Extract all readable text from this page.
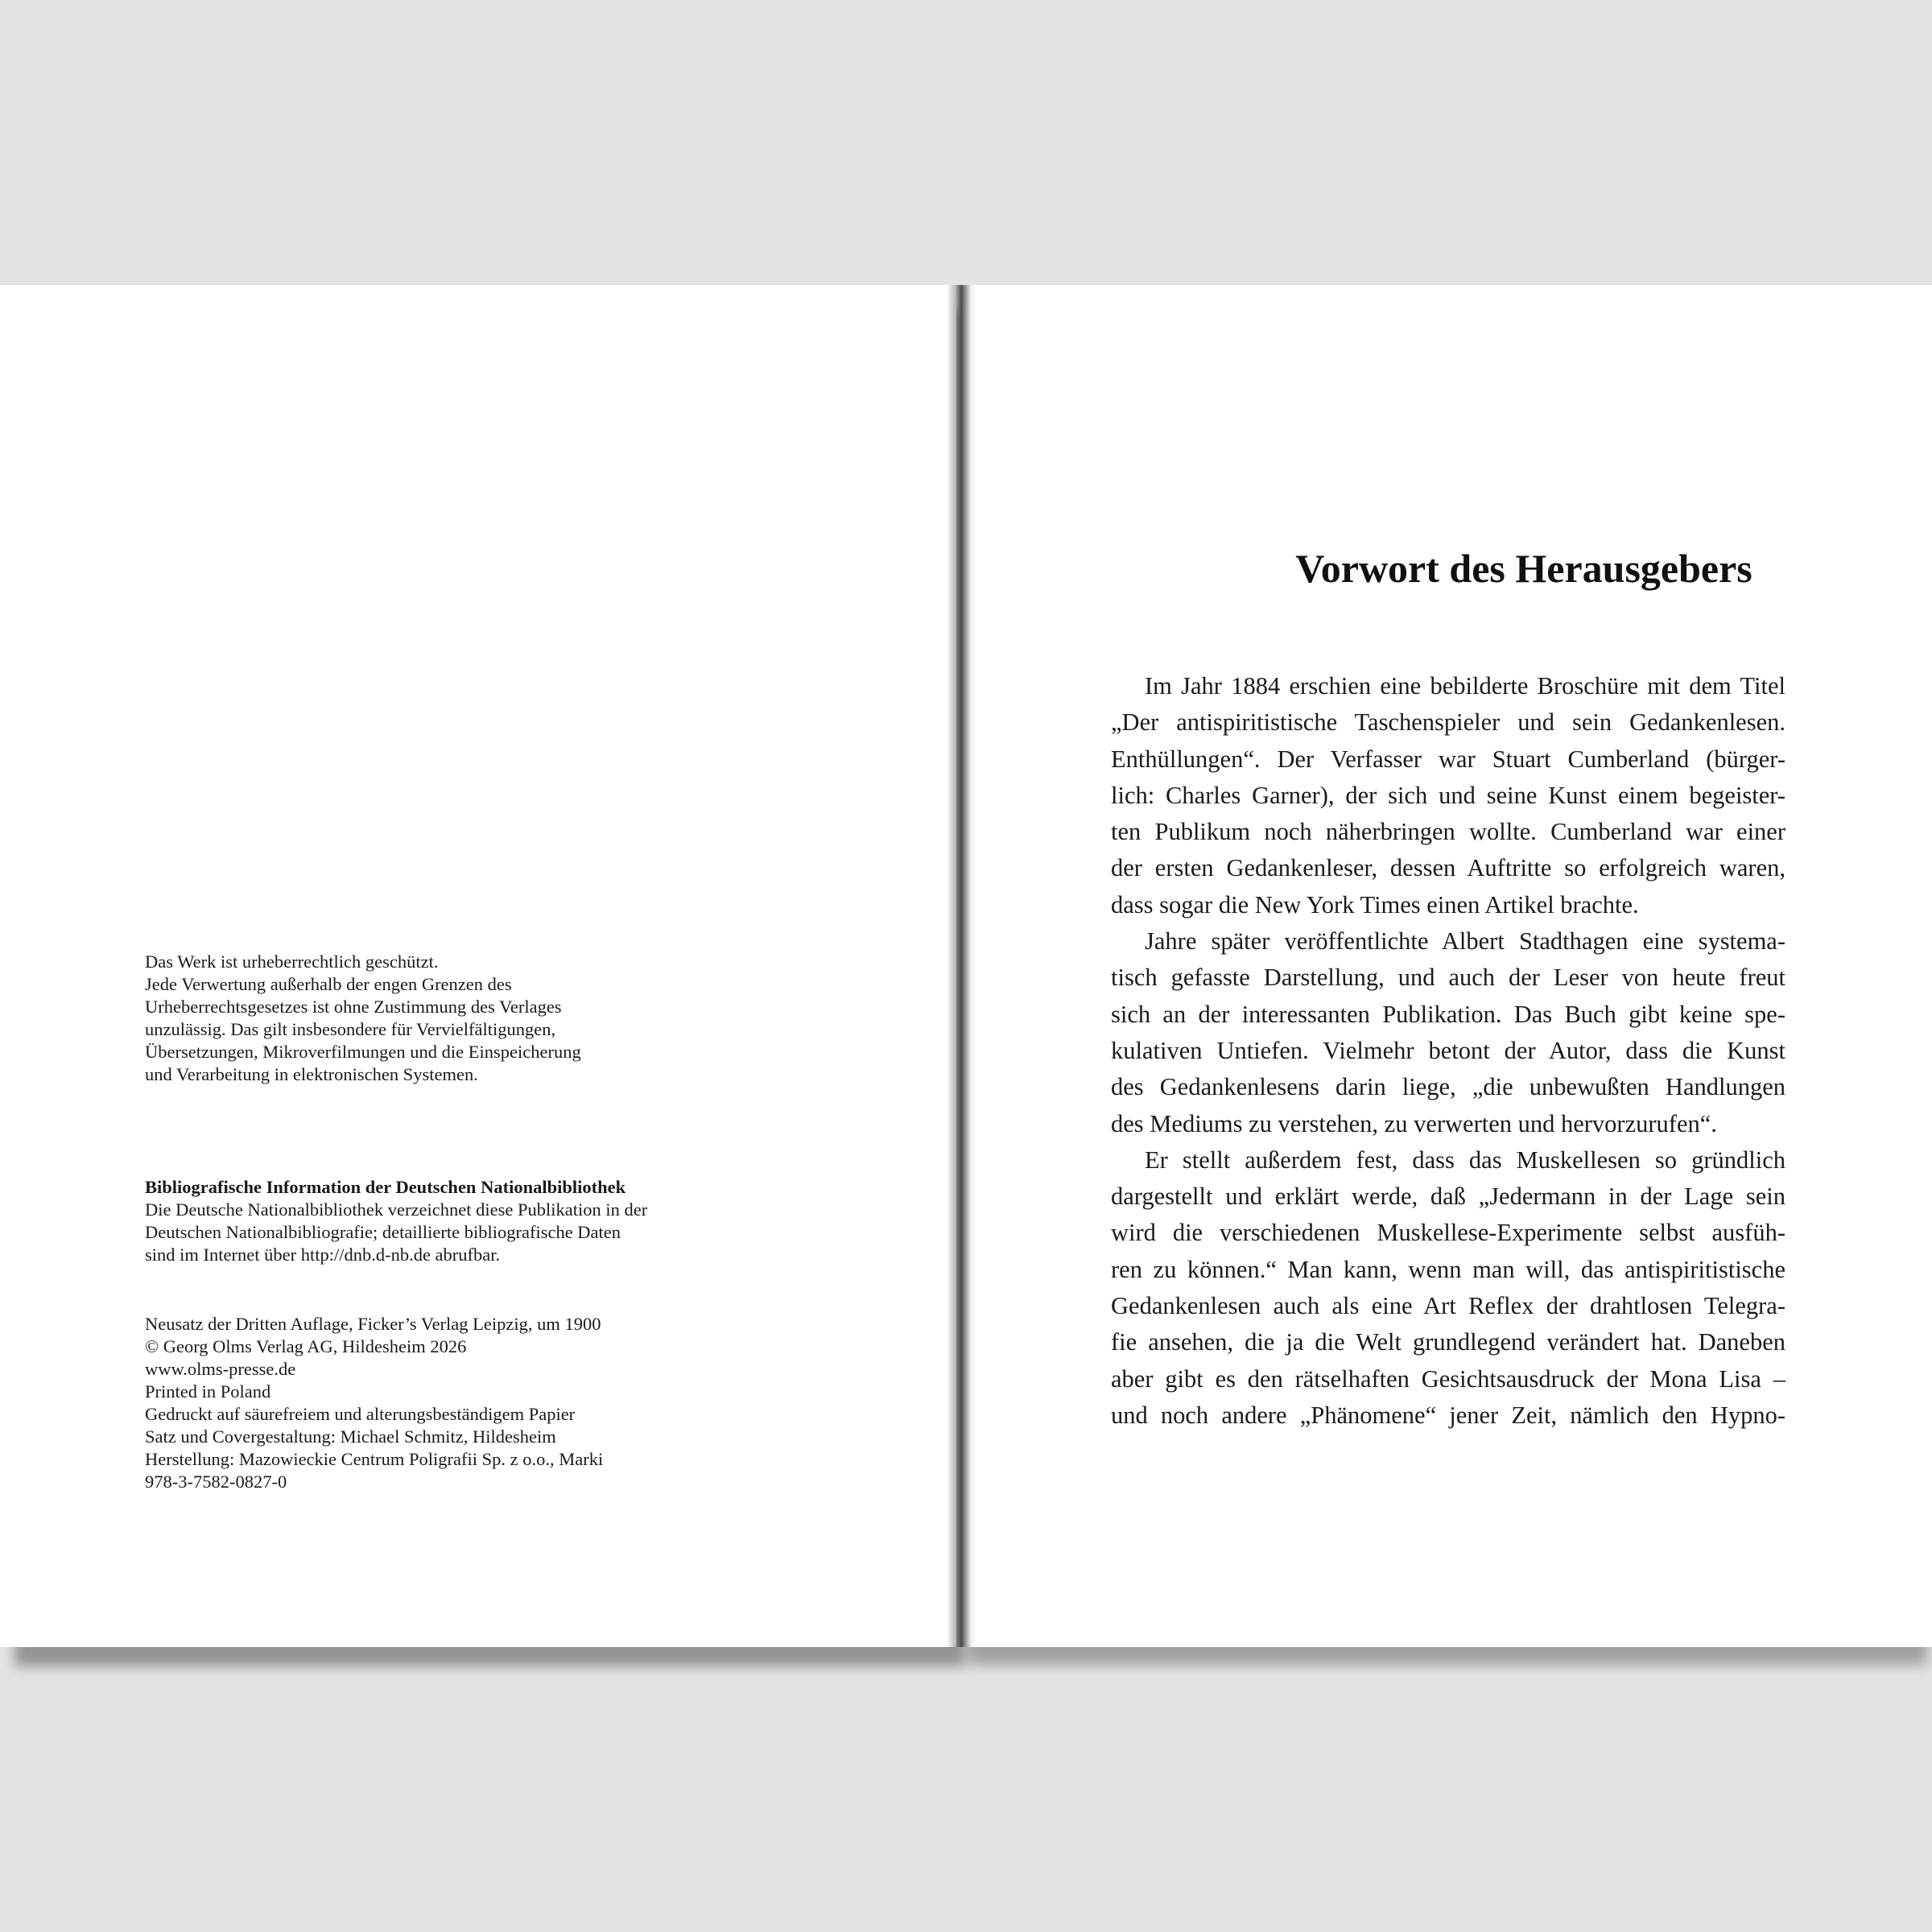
Das Werk ist urheberrechtlich geschützt.
Jede Verwertung außerhalb der engen Grenzen des
Urheberrechtsgesetzes ist ohne Zustimmung des Verlages
unzulässig. Das gilt insbesondere für Vervielfältigungen,
Übersetzungen, Mikroverfilmungen und die Einspeicherung
und Verarbeitung in elektronischen Systemen.
Bibliografische Information der Deutschen Nationalbibliothek
Die Deutsche Nationalbibliothek verzeichnet diese Publikation in der
Deutschen Nationalbibliografie; detaillierte bibliografische Daten
sind im Internet über http://dnb.d-nb.de abrufbar.
Neusatz der Dritten Auflage, Ficker’s Verlag Leipzig, um 1900
© Georg Olms Verlag AG, Hildesheim 2026
www.olms-presse.de
Printed in Poland
Gedruckt auf säurefreiem und alterungsbeständigem Papier
Satz und Covergestaltung: Michael Schmitz, Hildesheim
Herstellung: Mazowieckie Centrum Poligrafii Sp. z o.o., Marki
978-3-7582-0827-0
Vorwort des Herausgebers
Im Jahr 1884 erschien eine bebilderte Broschüre mit dem Titel
„Der antispiritistische Taschenspieler und sein Gedankenlesen.
Enthüllungen“. Der Verfasser war Stuart Cumberland (bürger-
lich: Charles Garner), der sich und seine Kunst einem begeister-
ten Publikum noch näherbringen wollte. Cumberland war einer
der ersten Gedankenleser, dessen Auftritte so erfolgreich waren,
dass sogar die New York Times einen Artikel brachte.
Jahre später veröffentlichte Albert Stadthagen eine systema-
tisch gefasste Darstellung, und auch der Leser von heute freut
sich an der interessanten Publikation. Das Buch gibt keine spe-
kulativen Untiefen. Vielmehr betont der Autor, dass die Kunst
des Gedankenlesens darin liege, „die unbewußten Handlungen
des Mediums zu verstehen, zu verwerten und hervorzurufen“.
Er stellt außerdem fest, dass das Muskellesen so gründlich
dargestellt und erklärt werde, daß „Jedermann in der Lage sein
wird die verschiedenen Muskellese-Experimente selbst ausfüh-
ren zu können.“ Man kann, wenn man will, das antispiritistische
Gedankenlesen auch als eine Art Reflex der drahtlosen Telegra-
fie ansehen, die ja die Welt grundlegend verändert hat. Daneben
aber gibt es den rätselhaften Gesichtsausdruck der Mona Lisa –
und noch andere „Phänomene“ jener Zeit, nämlich den Hypno-
